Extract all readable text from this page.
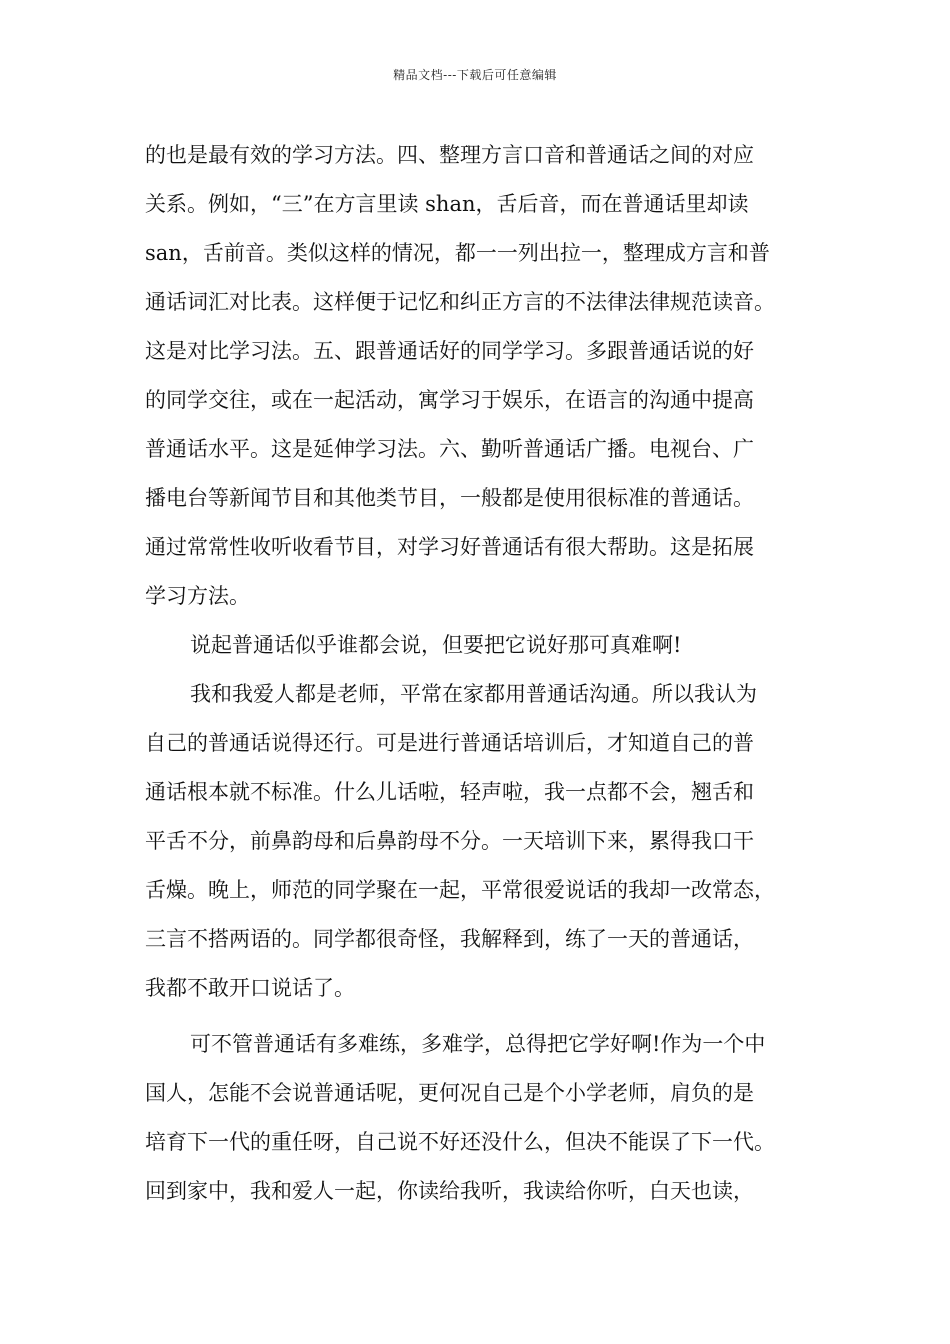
精品文档---下载后可任意编辑
的也是最有效的学习方法。四、整理方言口音和普通话之间的对应
关系。例如，“三”在方言里读 shan，舌后音，而在普通话里却读
san，舌前音。类似这样的情况，都一一列出拉一，整理成方言和普
通话词汇对比表。这样便于记忆和纠正方言的不法律法律规范读音。
这是对比学习法。五、跟普通话好的同学学习。多跟普通话说的好
的同学交往，或在一起活动，寓学习于娱乐，在语言的沟通中提高
普通话水平。这是延伸学习法。六、勤听普通话广播。电视台、广
播电台等新闻节目和其他类节目，一般都是使用很标准的普通话。
通过常常性收听收看节目，对学习好普通话有很大帮助。这是拓展
学习方法。
说起普通话似乎谁都会说，但要把它说好那可真难啊!
我和我爱人都是老师，平常在家都用普通话沟通。所以我认为
自己的普通话说得还行。可是进行普通话培训后，才知道自己的普
通话根本就不标准。什么儿话啦，轻声啦，我一点都不会，翘舌和
平舌不分，前鼻韵母和后鼻韵母不分。一天培训下来，累得我口干
舌燥。晚上，师范的同学聚在一起，平常很爱说话的我却一改常态，
三言不搭两语的。同学都很奇怪，我解释到，练了一天的普通话，
我都不敢开口说话了。
可不管普通话有多难练，多难学，总得把它学好啊!作为一个中
国人，怎能不会说普通话呢，更何况自己是个小学老师，肩负的是
培育下一代的重任呀，自己说不好还没什么，但决不能误了下一代。
回到家中，我和爱人一起，你读给我听，我读给你听，白天也读，
